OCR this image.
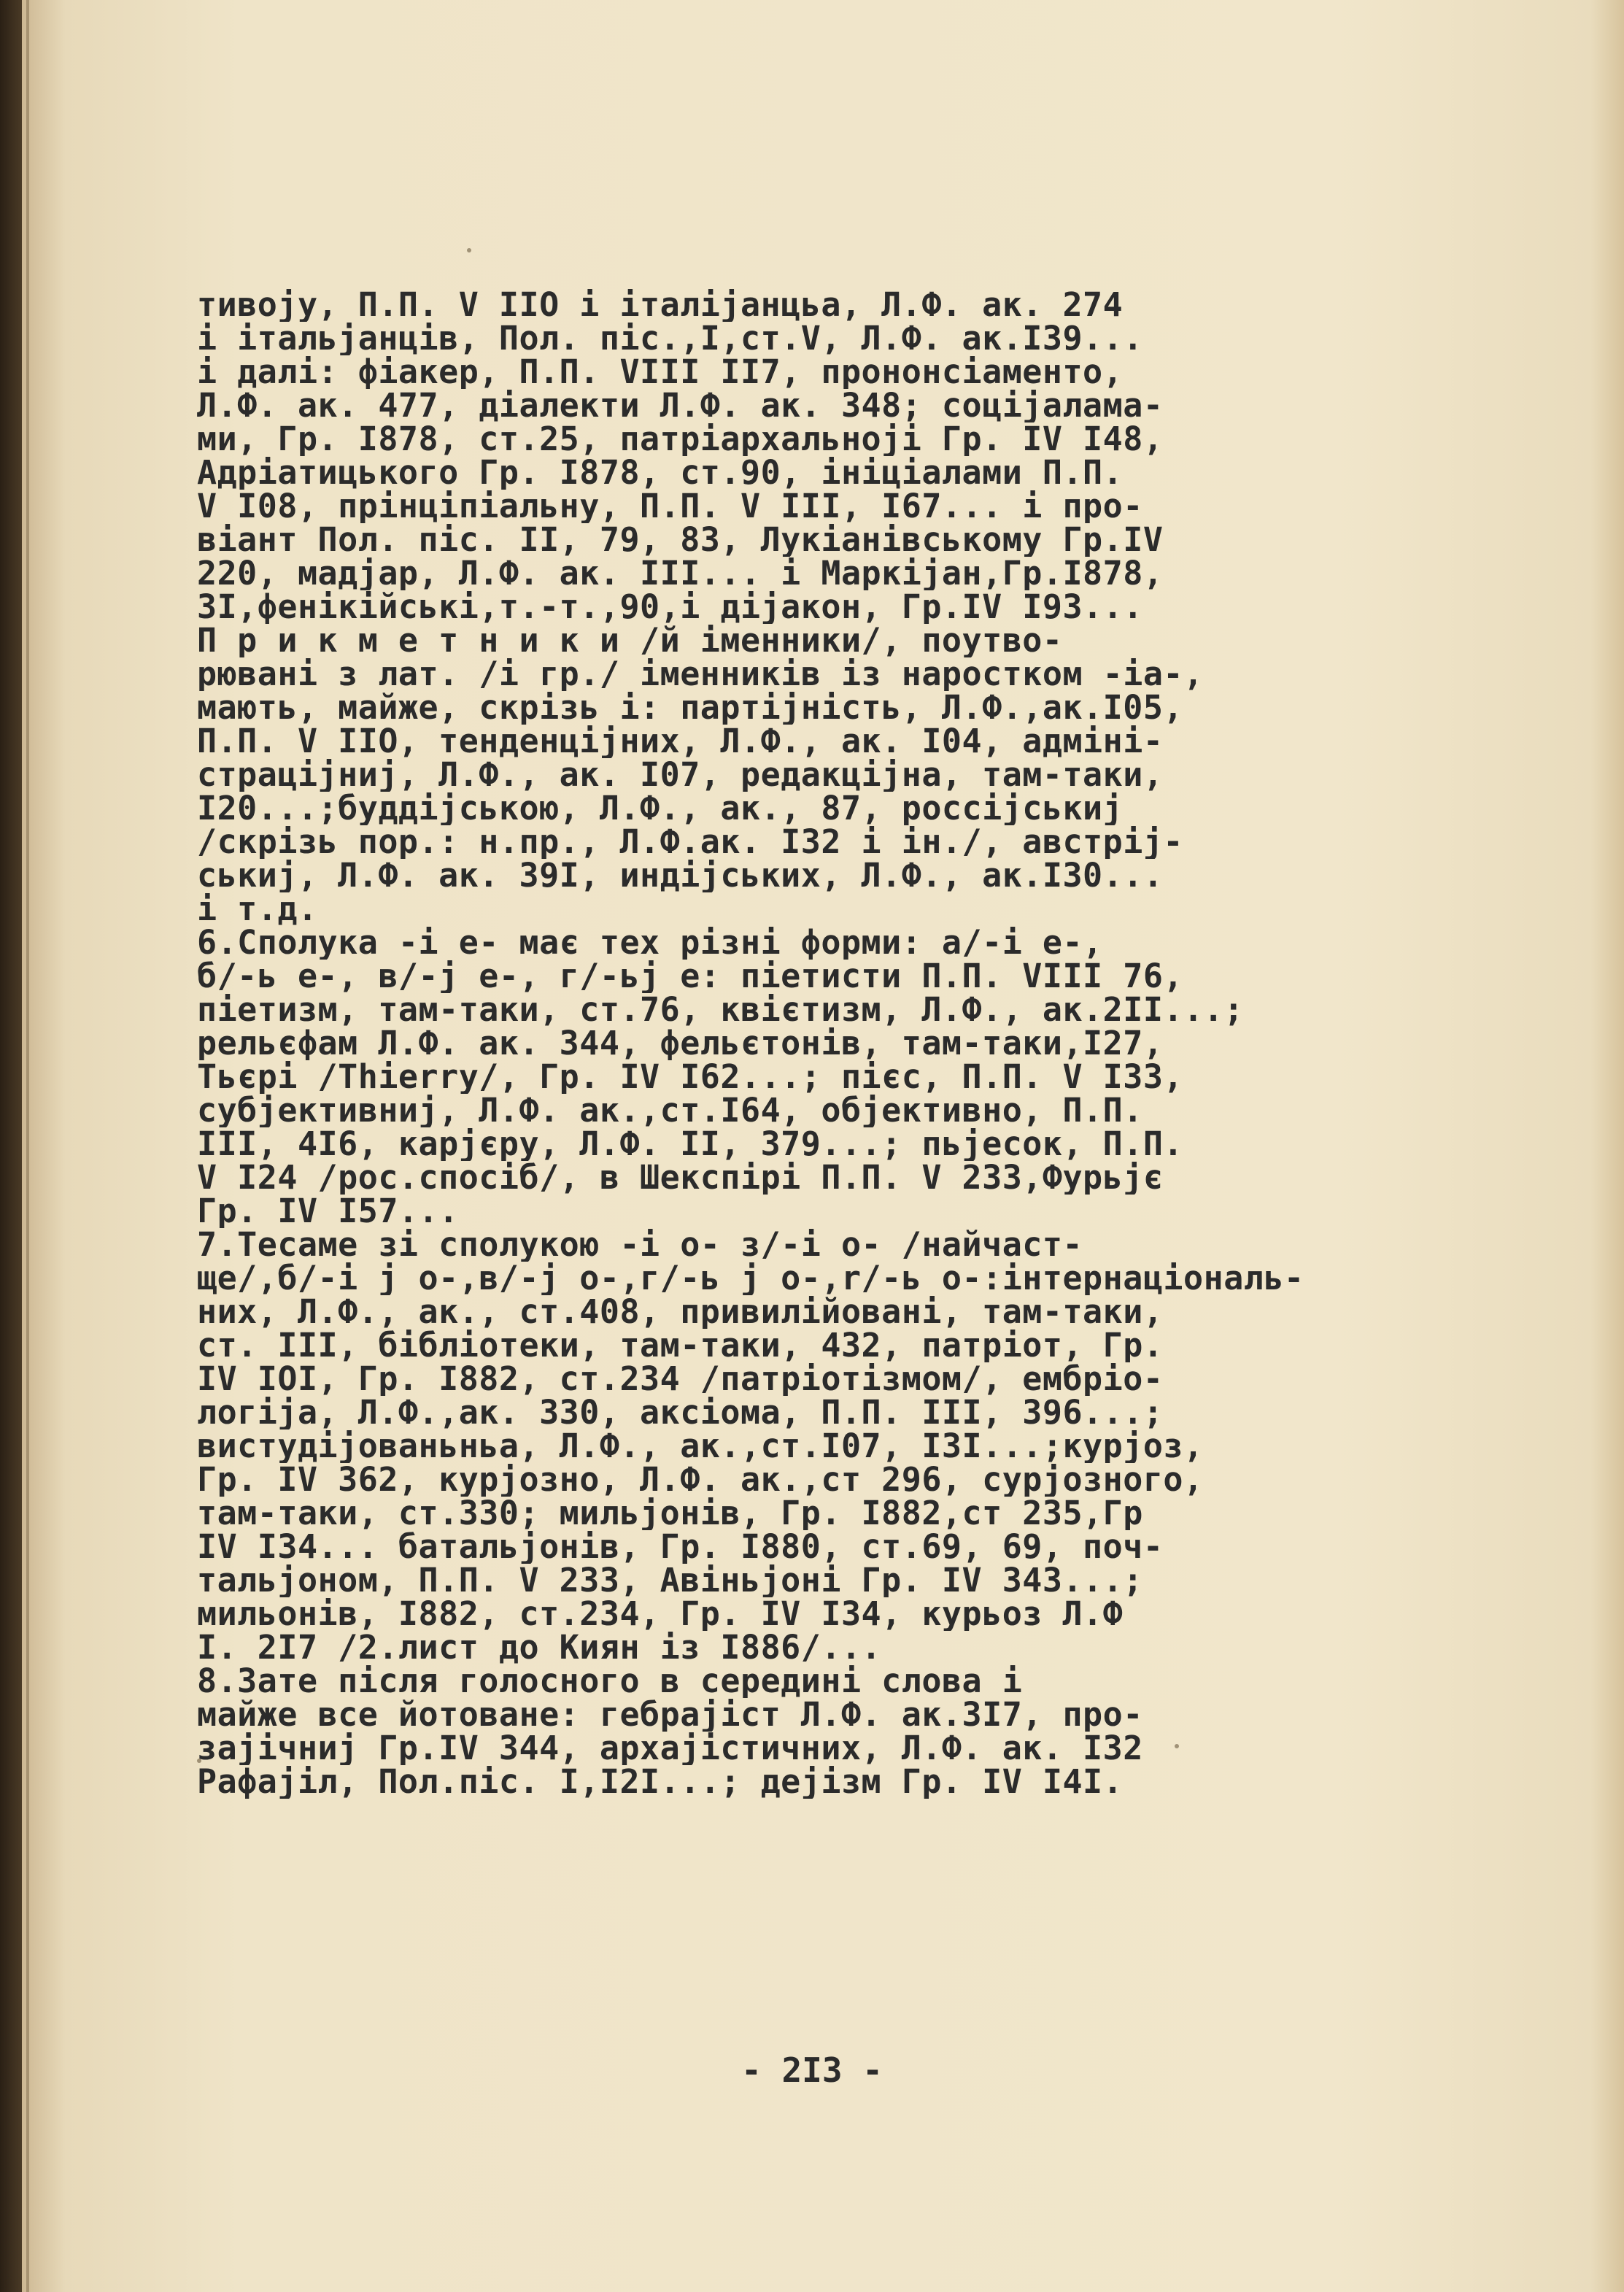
тивоjу, П.П. V IIO і італіjанцьа, Л.Ф. ак. 274
і італьjанців, Пол. піс.,I,ст.V, Л.Ф. ак.I39...
і далі: фіакер, П.П. VIII II7, прононсіаменто,
Л.Ф. ак. 477, діалекти Л.Ф. ак. 348; соціjалама-
ми, Гр. I878, ст.25, патріархальноjі Гр. IV I48,
Адріатицького Гр. I878, ст.90, ініціалами П.П.
V I08, прінціпіальну, П.П. V III, I67... і про-
віант Пол. піс. II, 79, 83, Лукіанівському Гр.IV
220, мадjар, Л.Ф. ак. III... і Маркіjан,Гр.I878,
3I,фенікійські,т.-т.,90,і діjакон, Гр.IV I93...
П р и к м е т н и к и /й іменники/, поутво-
рювані з лат. /і гр./ іменників із наростком -іа-,
мають, майже, скрізь і: партіjність, Л.Ф.,ак.I05,
П.П. V IIO, тенденціjних, Л.Ф., ак. I04, адміні-
страціjниj, Л.Ф., ак. I07, редакціjна, там-таки,
I20...;буддіjською, Л.Ф., ак., 87, россіjськиj
/скрізь пор.: н.пр., Л.Ф.ак. I32 і ін./, австріj-
ськиj, Л.Ф. ак. 39I, индіjських, Л.Ф., ак.I30...
і т.д.
6.Сполука -і е- має тех різні форми: а/-і е-,
б/-ь е-, в/-j е-, г/-ьj е: піетисти П.П. VIII 76,
піетизм, там-таки, ст.76, квієтизм, Л.Ф., ак.2II...;
рельєфам Л.Ф. ак. 344, фельєтонів, там-таки,I27,
Тьєрі /Thierry/, Гр. IV I62...; пієс, П.П. V I33,
субjективниj, Л.Ф. ак.,ст.I64, обjективно, П.П.
III, 4I6, карjєру, Л.Ф. II, 379...; пьjесок, П.П.
V I24 /рос.спосіб/, в Шекспірі П.П. V 233,Фурьjє
Гр. IV I57...
7.Тесаме зі сполукою -і о- з/-і о- /найчаст-
ще/,б/-і j о-,в/-j о-,г/-ь j о-,r/-ь о-:інтернаціональ-
них, Л.Ф., ак., ст.408, привилійовані, там-таки,
ст. III, бібліотеки, там-таки, 432, патріот, Гр.
IV IOI, Гр. I882, ст.234 /патріотізмом/, ембріо-
логіjа, Л.Ф.,ак. 330, аксіома, П.П. III, 396...;
вистудіjованьньа, Л.Ф., ак.,ст.I07, I3I...;курjоз,
Гр. IV 362, курjозно, Л.Ф. ак.,ст 296, сурjозного,
там-таки, ст.330; мильjонів, Гр. I882,ст 235,Гр
IV I34... батальjонів, Гр. I880, ст.69, 69, поч-
тальjоном, П.П. V 233, Авіньjоні Гр. IV 343...;
мильонів, I882, ст.234, Гр. IV I34, курьоз Л.Ф
I. 2I7 /2.лист до Киян із I886/...
8.Зате після голосного в середині слова і
майже все йотоване: гебраjіст Л.Ф. ак.3I7, про-
заjічниj Гр.IV 344, архаjістичних, Л.Ф. ак. I32
Рафаjіл, Пол.піс. I,I2I...; деjізм Гр. IV I4I.
- 2I3 -
